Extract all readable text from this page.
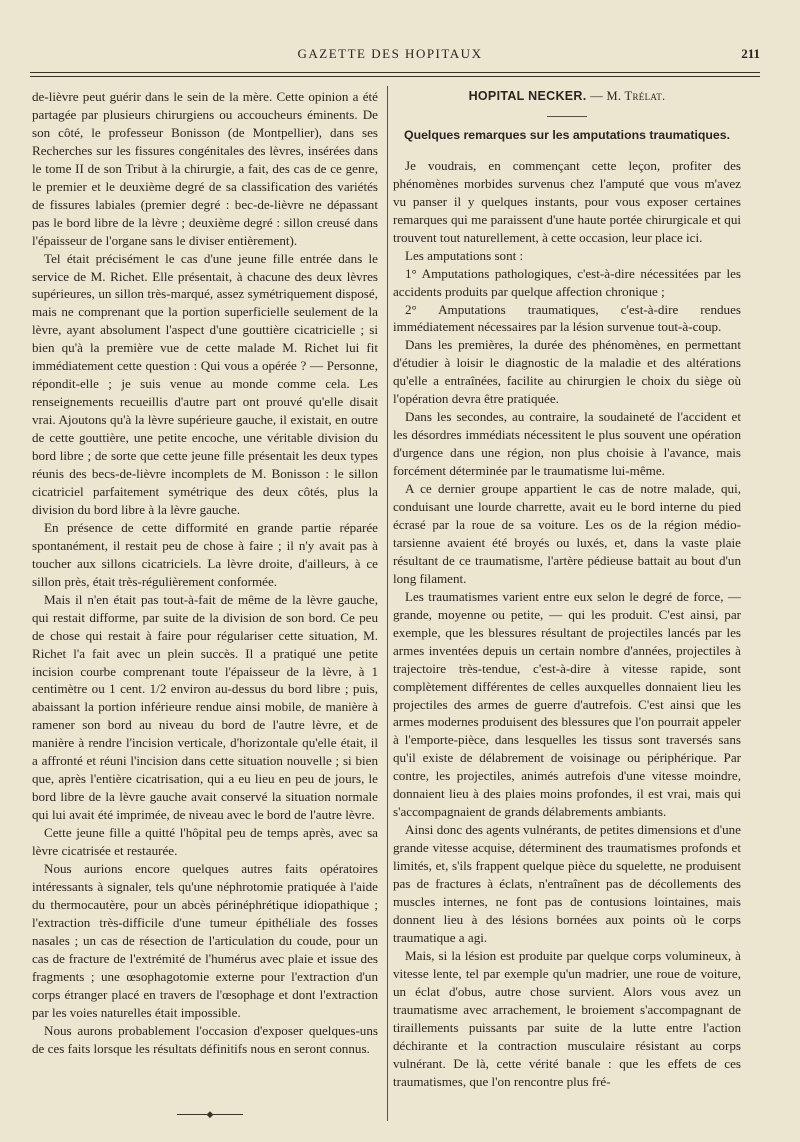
GAZETTE DES HOPITAUX	211

de-lièvre peut guérir dans le sein de la mère. Cette opinion a été partagée par plusieurs chirurgiens ou accoucheurs éminents. De son côté, le professeur Bonisson (de Montpellier), dans ses Recherches sur les fissures congénitales des lèvres, insérées dans le tome II de son Tribut à la chirurgie, a fait, des cas de ce genre, le premier et le deuxième degré de sa classification des variétés de fissures labiales (premier degré : bec-de-lièvre ne dépassant pas le bord libre de la lèvre ; deuxième degré : sillon creusé dans l'épaisseur de l'organe sans le diviser entièrement).

Tel était précisément le cas d'une jeune fille entrée dans le service de M. Richet. Elle présentait, à chacune des deux lèvres supérieures, un sillon très-marqué, assez symétriquement disposé, mais ne comprenant que la portion superficielle seulement de la lèvre, ayant absolument l'aspect d'une gouttière cicatricielle ; si bien qu'à la première vue de cette malade M. Richet lui fit immédiatement cette question : Qui vous a opérée ? — Personne, répondit-elle ; je suis venue au monde comme cela. Les renseignements recueillis d'autre part ont prouvé qu'elle disait vrai. Ajoutons qu'à la lèvre supérieure gauche, il existait, en outre de cette gouttière, une petite encoche, une véritable division du bord libre ; de sorte que cette jeune fille présentait les deux types réunis des becs-de-lièvre incomplets de M. Bonisson : le sillon cicatriciel parfaitement symétrique des deux côtés, plus la division du bord libre à la lèvre gauche.

En présence de cette difformité en grande partie réparée spontanément, il restait peu de chose à faire ; il n'y avait pas à toucher aux sillons cicatriciels. La lèvre droite, d'ailleurs, à ce sillon près, était très-régulièrement conformée.

Mais il n'en était pas tout-à-fait de même de la lèvre gauche, qui restait difforme, par suite de la division de son bord. Ce peu de chose qui restait à faire pour régulariser cette situation, M. Richet l'a fait avec un plein succès. Il a pratiqué une petite incision courbe comprenant toute l'épaisseur de la lèvre, à 1 centimètre ou 1 cent. 1/2 environ au-dessus du bord libre ; puis, abaissant la portion inférieure rendue ainsi mobile, de manière à ramener son bord au niveau du bord de l'autre lèvre, et de manière à rendre l'incision verticale, d'horizontale qu'elle était, il a affronté et réuni l'incision dans cette situation nouvelle ; si bien que, après l'entière cicatrisation, qui a eu lieu en peu de jours, le bord libre de la lèvre gauche avait conservé la situation normale qui lui avait été imprimée, de niveau avec le bord de l'autre lèvre.

Cette jeune fille a quitté l'hôpital peu de temps après, avec sa lèvre cicatrisée et restaurée.

Nous aurions encore quelques autres faits opératoires intéressants à signaler, tels qu'une néphrotomie pratiquée à l'aide du thermocautère, pour un abcès périnéphrétique idiopathique ; l'extraction très-difficile d'une tumeur épithéliale des fosses nasales ; un cas de résection de l'articulation du coude, pour un cas de fracture de l'extrémité de l'humérus avec plaie et issue des fragments ; une œsophagotomie externe pour l'extraction d'un corps étranger placé en travers de l'œsophage et dont l'extraction par les voies naturelles était impossible.

Nous aurons probablement l'occasion d'exposer quelques-uns de ces faits lorsque les résultats définitifs nous en seront connus.

◆
HOPITAL NECKER. — M. Trélat.
Quelques remarques sur les amputations traumatiques.

Je voudrais, en commençant cette leçon, profiter des phénomènes morbides survenus chez l'amputé que vous m'avez vu panser il y quelques instants, pour vous exposer certaines remarques qui me paraissent d'une haute portée chirurgicale et qui trouvent tout naturellement, à cette occasion, leur place ici.

Les amputations sont :

1° Amputations pathologiques, c'est-à-dire nécessitées par les accidents produits par quelque affection chronique ;

2° Amputations traumatiques, c'est-à-dire rendues immédiatement nécessaires par la lésion survenue tout-à-coup.

Dans les premières, la durée des phénomènes, en permettant d'étudier à loisir le diagnostic de la maladie et des altérations qu'elle a entraînées, facilite au chirurgien le choix du siège où l'opération devra être pratiquée.

Dans les secondes, au contraire, la soudaineté de l'accident et les désordres immédiats nécessitent le plus souvent une opération d'urgence dans une région, non plus choisie à l'avance, mais forcément déterminée par le traumatisme lui-même.

A ce dernier groupe appartient le cas de notre malade, qui, conduisant une lourde charrette, avait eu le bord interne du pied écrasé par la roue de sa voiture. Les os de la région médio-tarsienne avaient été broyés ou luxés, et, dans la vaste plaie résultant de ce traumatisme, l'artère pédieuse battait au bout d'un long filament.

Les traumatismes varient entre eux selon le degré de force, — grande, moyenne ou petite, — qui les produit. C'est ainsi, par exemple, que les blessures résultant de projectiles lancés par les armes inventées depuis un certain nombre d'années, projectiles à trajectoire très-tendue, c'est-à-dire à vitesse rapide, sont complètement différentes de celles auxquelles donnaient lieu les projectiles des armes de guerre d'autrefois. C'est ainsi que les armes modernes produisent des blessures que l'on pourrait appeler à l'emporte-pièce, dans lesquelles les tissus sont traversés sans qu'il existe de délabrement de voisinage ou périphérique. Par contre, les projectiles, animés autrefois d'une vitesse moindre, donnaient lieu à des plaies moins profondes, il est vrai, mais qui s'accompagnaient de grands délabrements ambiants.

Ainsi donc des agents vulnérants, de petites dimensions et d'une grande vitesse acquise, déterminent des traumatismes profonds et limités, et, s'ils frappent quelque pièce du squelette, ne produisent pas de fractures à éclats, n'entraînent pas de décollements des muscles internes, ne font pas de contusions lointaines, mais donnent lieu à des lésions bornées aux points où le corps traumatique a agi.

Mais, si la lésion est produite par quelque corps volumineux, à vitesse lente, tel par exemple qu'un madrier, une roue de voiture, un éclat d'obus, autre chose survient. Alors vous avez un traumatisme avec arrachement, le broiement s'accompagnant de tiraillements puissants par suite de la lutte entre l'action déchirante et la contraction musculaire résistant au corps vulnérant. De là, cette vérité banale : que les effets de ces traumatismes, que l'on rencontre plus fré-
